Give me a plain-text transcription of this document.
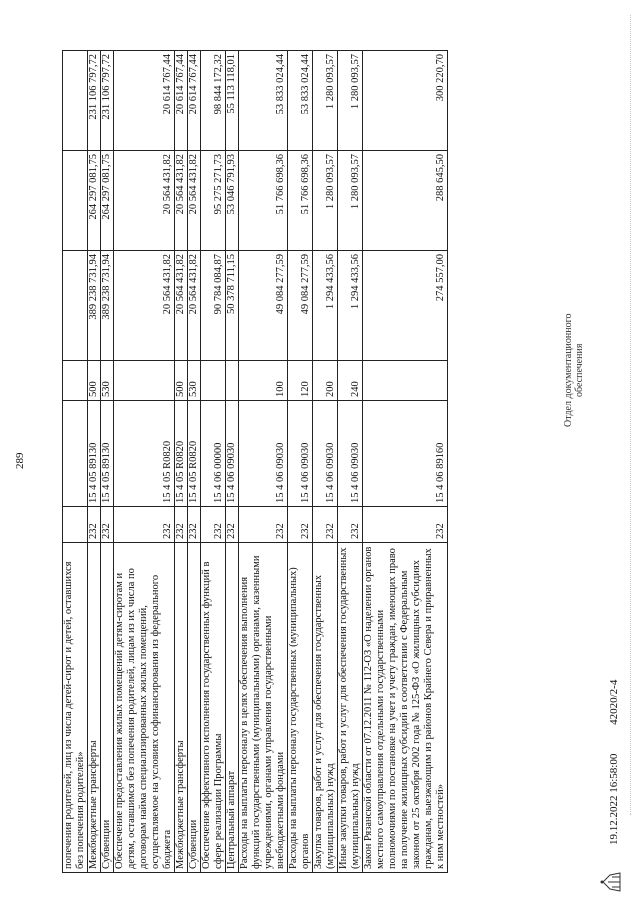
289
попечения родителей, лиц из числа детей-сирот и детей, оставшихся без попечения родителей»						
Межбюджетные трансферты	232	15 4 05 89130	500	389 238 731,94	264 297 081,75	231 106 797,72
Субвенции	232	15 4 05 89130	530	389 238 731,94	264 297 081,75	231 106 797,72
Обеспечение предоставления жилых помещений детям-сиротам и детям, оставшимся без попечения родителей, лицам из их числа по договорам найма специализированных жилых помещений, осуществляемое на условиях софинансирования из федерального бюджета	232	15 4 05 R0820		20 564 431,82	20 564 431,82	20 614 767,44
Межбюджетные трансферты	232	15 4 05 R0820	500	20 564 431,82	20 564 431,82	20 614 767,44
Субвенции	232	15 4 05 R0820	530	20 564 431,82	20 564 431,82	20 614 767,44
Обеспечение эффективного исполнения государственных функций в сфере реализации Программы	232	15 4 06 00000		90 784 084,87	95 275 271,73	98 844 172,32
Центральный аппарат	232	15 4 06 09030		50 378 711,15	53 046 791,93	55 113 118,01
Расходы на выплаты персоналу в целях обеспечения выполнения функций государственными (муниципальными) органами, казенными учреждениями, органами управления государственными внебюджетными фондами	232	15 4 06 09030	100	49 084 277,59	51 766 698,36	53 833 024,44
Расходы на выплаты персоналу государственных (муниципальных) органов	232	15 4 06 09030	120	49 084 277,59	51 766 698,36	53 833 024,44
Закупка товаров, работ и услуг для обеспечения государственных (муниципальных) нужд	232	15 4 06 09030	200	1 294 433,56	1 280 093,57	1 280 093,57
Иные закупки товаров, работ и услуг для обеспечения государственных (муниципальных) нужд	232	15 4 06 09030	240	1 294 433,56	1 280 093,57	1 280 093,57
Закон Рязанской области от 07.12.2011 № 112-ОЗ «О наделении органов местного самоуправления отдельными государственными полномочиями по постановке на учет и учету граждан, имеющих право на получение жилищных субсидий в соответствии с Федеральным законом от 25 октября 2002 года № 125-ФЗ «О жилищных субсидиях гражданам, выезжающим из районов Крайнего Севера и приравненных к ним местностей»	232	15 4 06 89160		274 557,00	288 645,50	300 220,70
Отдел документационного обеспечения
19.12.2022 16:58:00 42020/2-4
